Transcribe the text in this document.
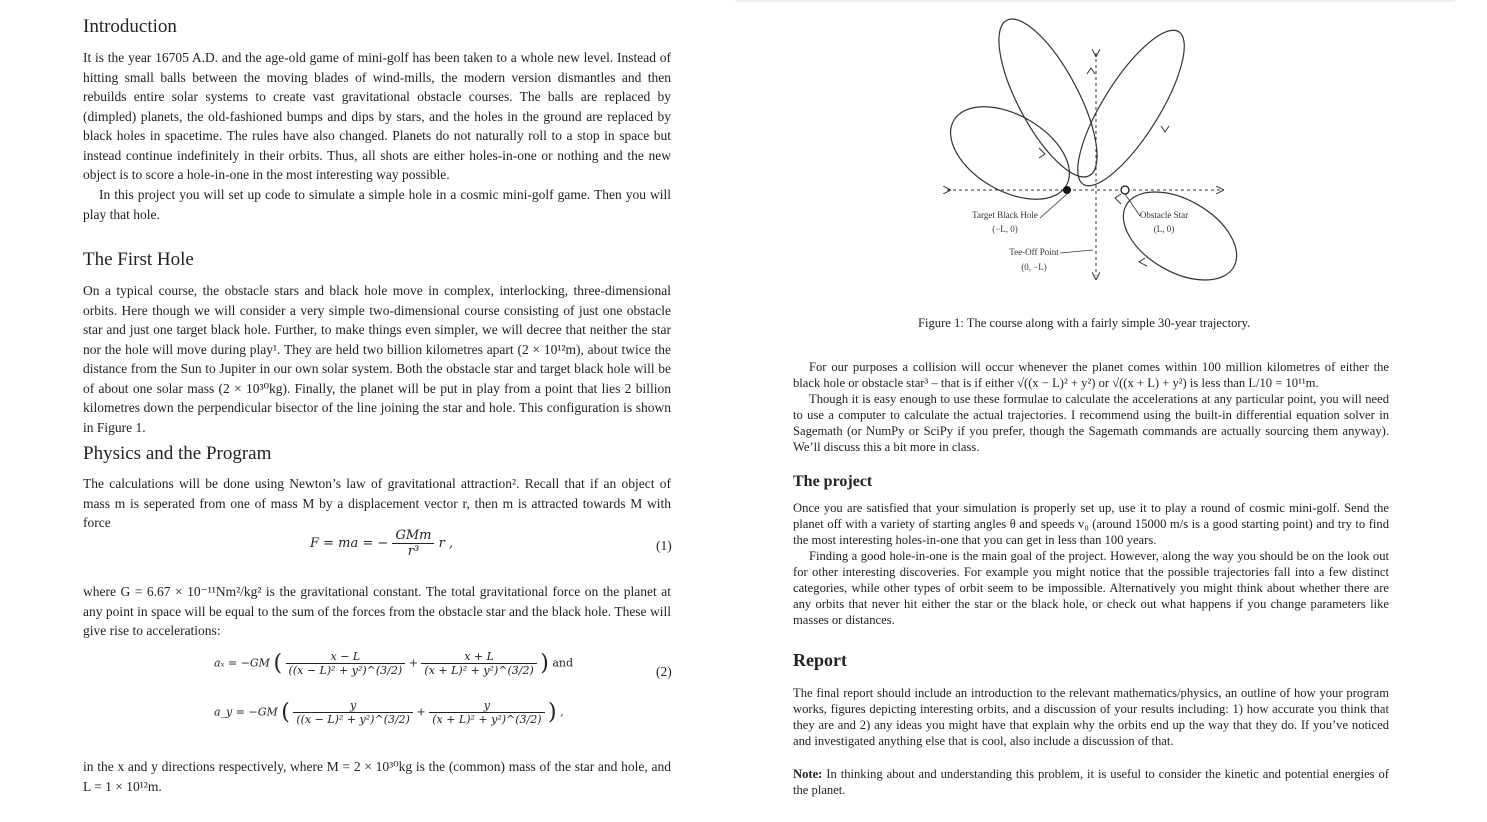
Introduction

It is the year 16705 A.D. and the age-old game of mini-golf has been taken to a whole new level. Instead of hitting small balls between the moving blades of wind-mills, the modern version dismantles and then rebuilds entire solar systems to create vast gravitational obstacle courses. The balls are replaced by (dimpled) planets, the old-fashioned bumps and dips by stars, and the holes in the ground are replaced by black holes in spacetime. The rules have also changed. Planets do not naturally roll to a stop in space but instead continue indefinitely in their orbits. Thus, all shots are either holes-in-one or nothing and the new object is to score a hole-in-one in the most interesting way possible.

In this project you will set up code to simulate a simple hole in a cosmic mini-golf game. Then you will play that hole.

The First Hole

On a typical course, the obstacle stars and black hole move in complex, interlocking, three-dimensional orbits. Here though we will consider a very simple two-dimensional course consisting of just one obstacle star and just one target black hole. Further, to make things even simpler, we will decree that neither the star nor the hole will move during play¹. They are held two billion kilometres apart (2 × 10¹²m), about twice the distance from the Sun to Jupiter in our own solar system. Both the obstacle star and target black hole will be of about one solar mass (2 × 10³⁰kg). Finally, the planet will be put in play from a point that lies 2 billion kilometres down the perpendicular bisector of the line joining the star and hole. This configuration is shown in Figure 1.

Physics and the Program

The calculations will be done using Newton’s law of gravitational attraction². Recall that if an object of mass m is seperated from one of mass M by a displacement vector r, then m is attracted towards M with force

F = ma = − $\frac{\text{GMm}}{\text{r³}}$ r ,	(1)

where G = 6.67 × 10⁻¹¹Nm²/kg² is the gravitational constant. The total gravitational force on the planet at any point in space will be equal to the sum of the forces from the obstacle star and the black hole. These will give rise to accelerations:

aₓ = −GM ( $\frac{x - L}{\text{((x − L)² + y²)\textasciicircum{}(3/2)}} + \frac{x + L}{\text{(x + L)² + y²)\textasciicircum{}(3/2)}}$ ) and
(2)
a_y = −GM ( $\frac{y}{\text{((x − L)² + y²)\textasciicircum{}(3/2)}} + \frac{y}{\text{(x + L)² + y²)\textasciicircum{}(3/2)}}$ ) ,

in the x and y directions respectively, where M = 2 × 10³⁰kg is the (common) mass of the star and hole, and L = 1 × 10¹²m.

Target Black Hole
(−L, 0)
Obstacle Star
(L, 0)
Tee-Off Point
(0, −L)
Figure 1: The course along with a fairly simple 30-year trajectory.

For our purposes a collision will occur whenever the planet comes within 100 million kilometres of either the black hole or obstacle star³ – that is if either √((x − L)² + y²) or √((x + L) + y²) is less than L/10 = 10¹¹m.

Though it is easy enough to use these formulae to calculate the accelerations at any particular point, you will need to use a computer to calculate the actual trajectories. I recommend using the built-in differential equation solver in Sagemath (or NumPy or SciPy if you prefer, though the Sagemath commands are actually sourcing them anyway). We’ll discuss this a bit more in class.

The project

Once you are satisfied that your simulation is properly set up, use it to play a round of cosmic mini-golf. Send the planet off with a variety of starting angles θ and speeds v₀ (around 15000 m/s is a good starting point) and try to find the most interesting holes-in-one that you can get in less than 100 years.

Finding a good hole-in-one is the main goal of the project. However, along the way you should be on the look out for other interesting discoveries. For example you might notice that the possible trajectories fall into a few distinct categories, while other types of orbit seem to be impossible. Alternatively you might think about whether there are any orbits that never hit either the star or the black hole, or check out what happens if you change parameters like masses or distances.

Report

The final report should include an introduction to the relevant mathematics/physics, an outline of how your program works, figures depicting interesting orbits, and a discussion of your results including: 1) how accurate you think that they are and 2) any ideas you might have that explain why the orbits end up the way that they do. If you’ve noticed and investigated anything else that is cool, also include a discussion of that.

Note: In thinking about and understanding this problem, it is useful to consider the kinetic and potential energies of the planet.
